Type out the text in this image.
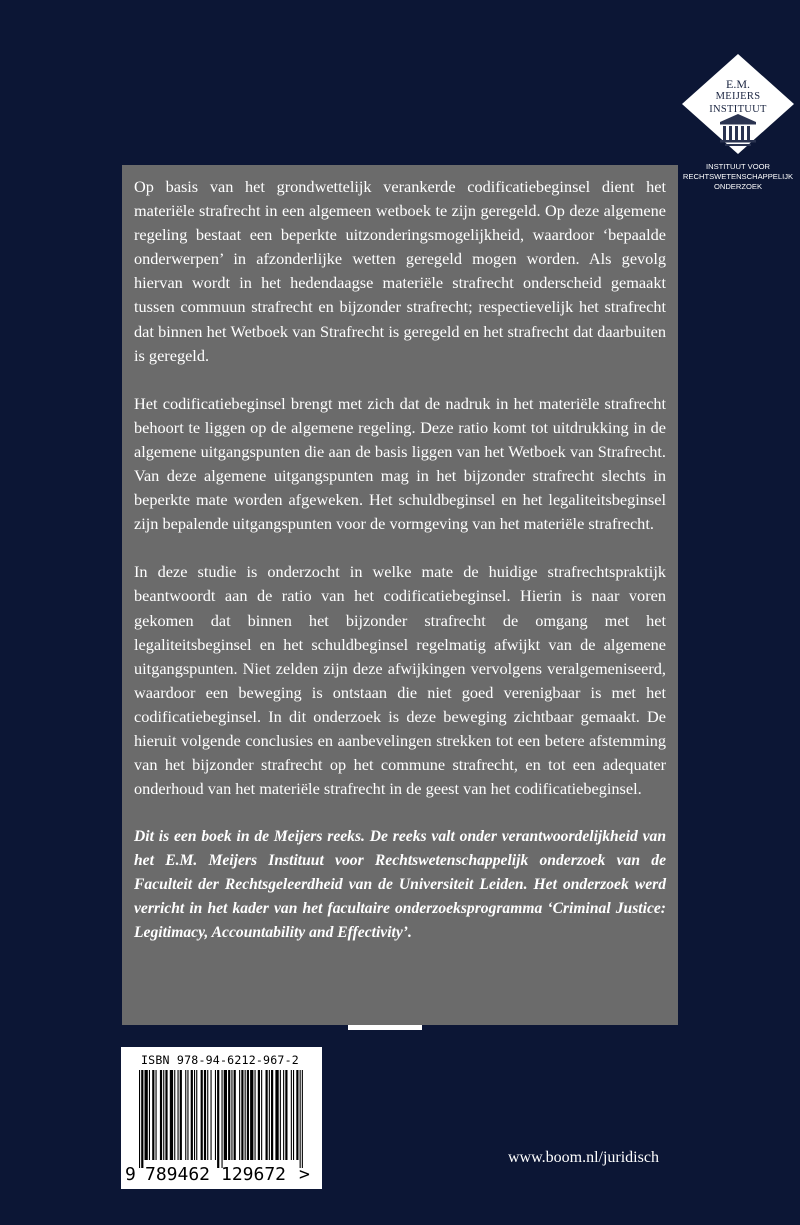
E.M.
MEIJERS
INSTITUUT
INSTITUUT VOOR
RECHTSWETENSCHAPPELIJK
ONDERZOEK

Op basis van het grondwettelijk verankerde codificatiebeginsel dient het materiële strafrecht in een algemeen wetboek te zijn geregeld. Op deze algemene regeling bestaat een beperkte uitzonderingsmogelijkheid, waardoor ‘bepaalde onderwerpen’ in afzonderlijke wetten geregeld mogen worden. Als gevolg hiervan wordt in het hedendaagse materiële strafrecht onderscheid gemaakt tussen commuun strafrecht en bijzonder strafrecht; respectievelijk het strafrecht dat binnen het Wetboek van Strafrecht is geregeld en het strafrecht dat daarbuiten is geregeld.

Het codificatiebeginsel brengt met zich dat de nadruk in het materiële strafrecht behoort te liggen op de algemene regeling. Deze ratio komt tot uitdrukking in de algemene uitgangspunten die aan de basis liggen van het Wetboek van Strafrecht. Van deze algemene uitgangspunten mag in het bijzonder strafrecht slechts in beperkte mate worden afgeweken. Het schuldbeginsel en het legaliteitsbeginsel zijn bepalende uitgangspunten voor de vormgeving van het materiële strafrecht.

In deze studie is onderzocht in welke mate de huidige strafrechtspraktijk beantwoordt aan de ratio van het codificatiebeginsel. Hierin is naar voren gekomen dat binnen het bijzonder strafrecht de omgang met het legaliteitsbeginsel en het schuldbeginsel regelmatig afwijkt van de algemene uitgangspunten. Niet zelden zijn deze afwijkingen vervolgens veralgemeniseerd, waardoor een beweging is ontstaan die niet goed verenigbaar is met het codificatiebeginsel. In dit onderzoek is deze beweging zichtbaar gemaakt. De hieruit volgende conclusies en aanbevelingen strekken tot een betere afstemming van het bijzonder strafrecht op het commune strafrecht, en tot een adequater onderhoud van het materiële strafrecht in de geest van het codificatiebeginsel.

Dit is een boek in de Meijers reeks. De reeks valt onder verantwoordelijkheid van het E.M. Meijers Instituut voor Rechtswetenschappelijk onderzoek van de Faculteit der Rechtsgeleerdheid van de Universiteit Leiden. Het onderzoek werd verricht in het kader van het facultaire onderzoeksprogramma ‘Criminal Justice: Legitimacy, Accountability and Effectivity’.

ISBN 978-94-6212-967-2
9 789462 129672 >
www.boom.nl/juridisch
